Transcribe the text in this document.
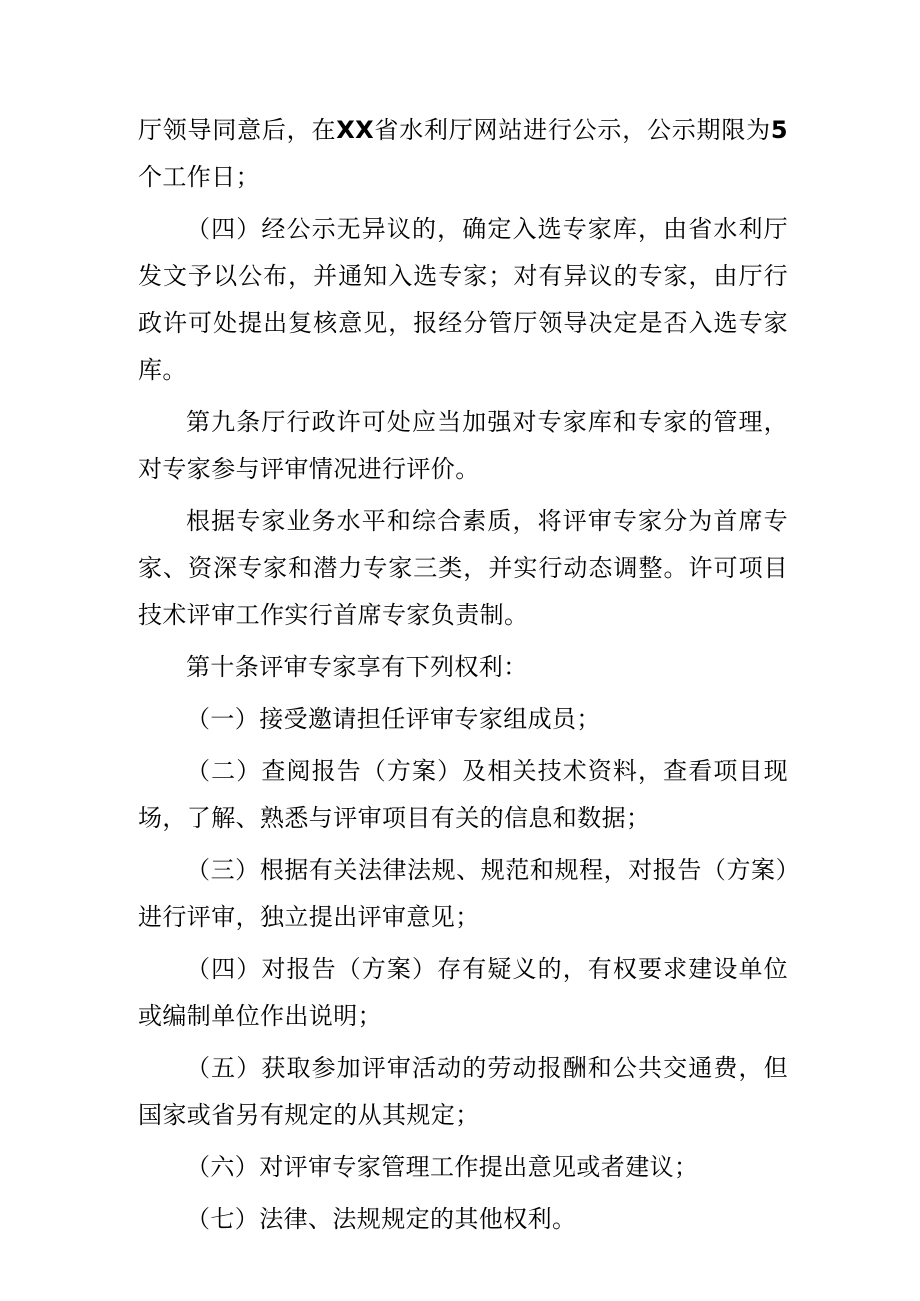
厅领导同意后，在XX省水利厅网站进行公示，公示期限为5个工作日；

（四）经公示无异议的，确定入选专家库，由省水利厅发文予以公布，并通知入选专家；对有异议的专家，由厅行政许可处提出复核意见，报经分管厅领导决定是否入选专家库。

第九条厅行政许可处应当加强对专家库和专家的管理，对专家参与评审情况进行评价。

根据专家业务水平和综合素质，将评审专家分为首席专家、资深专家和潜力专家三类，并实行动态调整。许可项目技术评审工作实行首席专家负责制。

第十条评审专家享有下列权利：

（一）接受邀请担任评审专家组成员；

（二）查阅报告（方案）及相关技术资料，查看项目现场，了解、熟悉与评审项目有关的信息和数据；

（三）根据有关法律法规、规范和规程，对报告（方案）进行评审，独立提出评审意见；

（四）对报告（方案）存有疑义的，有权要求建设单位或编制单位作出说明；

（五）获取参加评审活动的劳动报酬和公共交通费，但国家或省另有规定的从其规定；

（六）对评审专家管理工作提出意见或者建议；

（七）法律、法规规定的其他权利。
